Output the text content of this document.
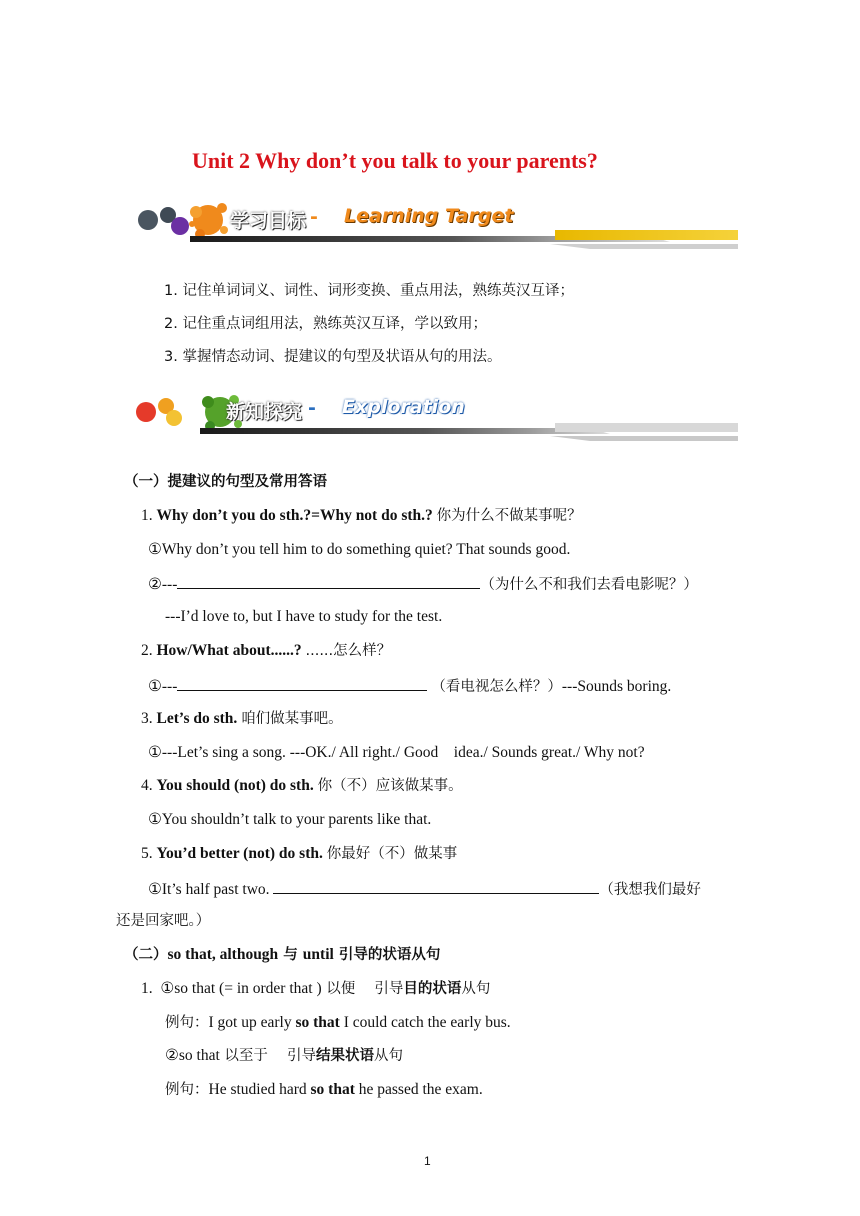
Unit 2 Why don’t you talk to your parents?
学习目标 - Learning Target
1. 记住单词词义、词性、词形变换、重点用法，熟练英汉互译；
2. 记住重点词组用法，熟练英汉互译，学以致用；
3. 掌握情态动词、提建议的句型及状语从句的用法。
新知探究 - Exploration
（一）提建议的句型及常用答语
1. Why don’t you do sth.?=Why not do sth.? 你为什么不做某事呢？
①Why don’t you tell him to do something quiet? That sounds good.
②---	（为什么不和我们去看电影呢？）
---I’d love to, but I have to study for the test.
2. How/What about......? ......怎么样？
①---	（看电视怎么样？）---Sounds boring.
3. Let’s do sth. 咱们做某事吧。
①---Let’s sing a song. ---OK./ All right./ Good    idea./ Sounds great./ Why not?
4. You should (not) do sth. 你（不）应该做某事。
①You shouldn’t talk to your parents like that.
5. You’d better (not) do sth. 你最好（不）做某事
①It’s half past two.	（我想我们最好
还是回家吧。）
（二）so that, although 与 until 引导的状语从句
1. ①so that (= in order that ) 以便 　引导目的状语从句
例句：I got up early so that I could catch the early bus.
②so that 以至于 　引导结果状语从句
例句：He studied hard so that he passed the exam.
1
